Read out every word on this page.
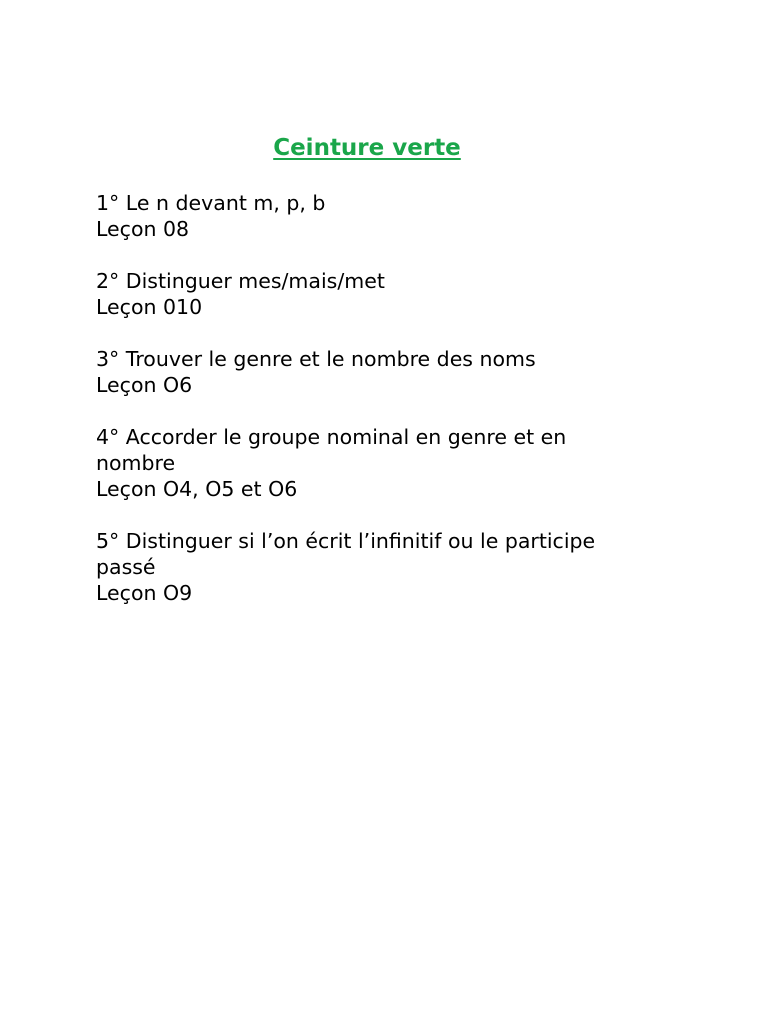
Ceinture verte
1° Le n devant m, p, b
Leçon 08
2° Distinguer mes/mais/met
Leçon 010
3° Trouver le genre et le nombre des noms
Leçon O6
4° Accorder le groupe nominal en genre et en
nombre
Leçon O4, O5 et O6
5° Distinguer si l’on écrit l’infinitif ou le participe
passé
Leçon O9
